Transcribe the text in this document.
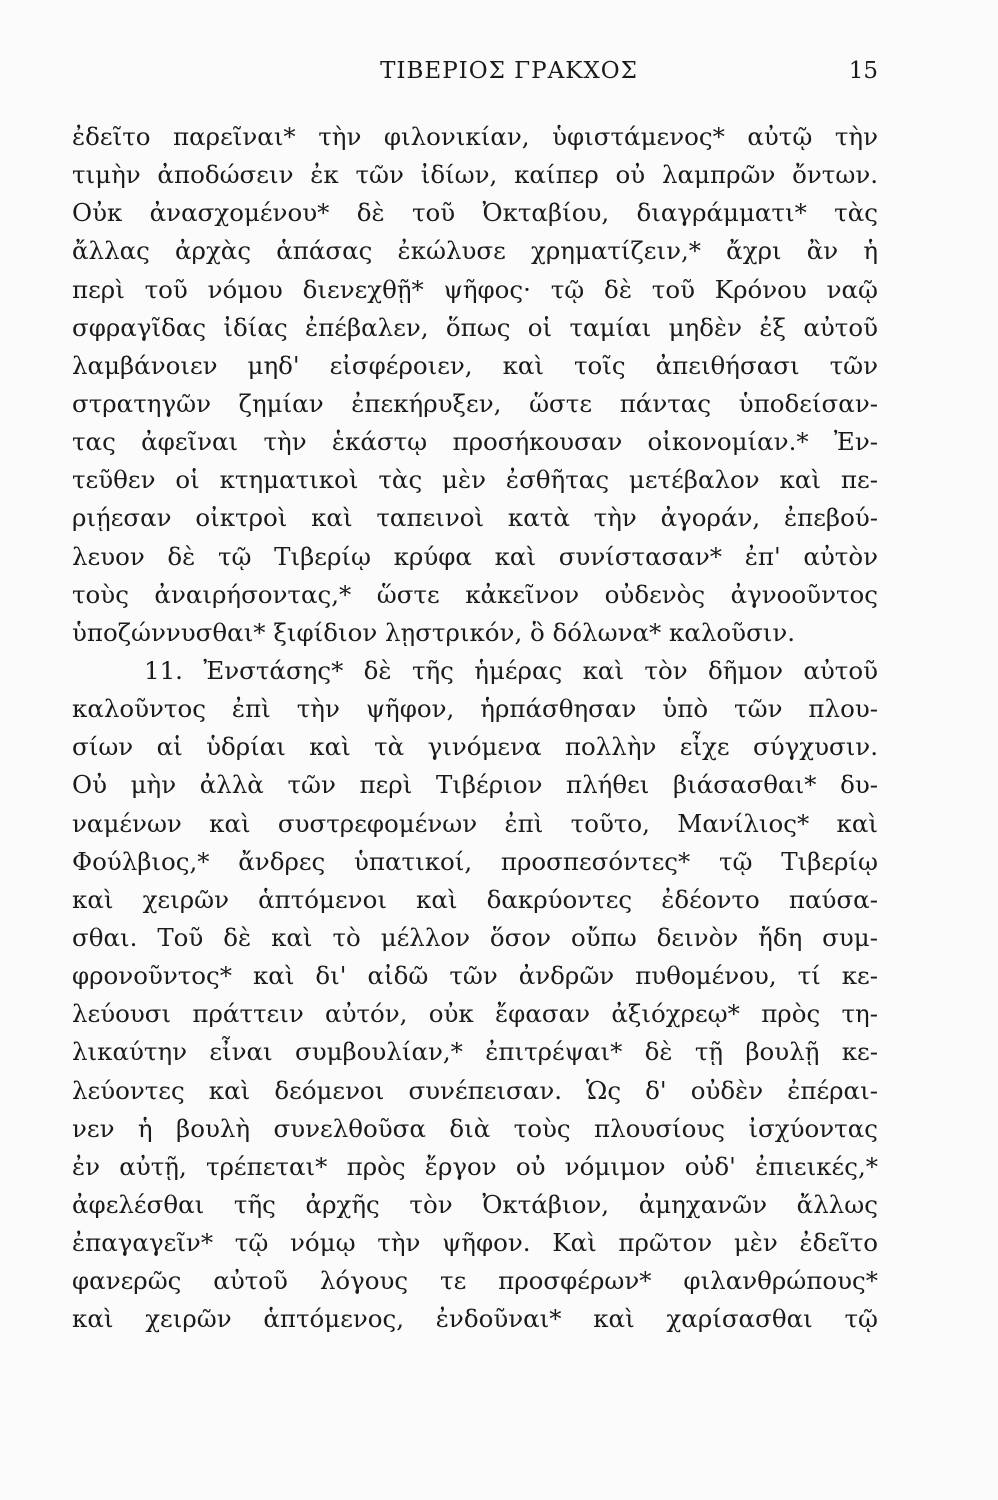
ΤΙΒΕΡΙΟΣ ΓΡΑΚΧΟΣ	15
ἐδεῖτο παρεῖναι* τὴν φιλονικίαν, ὑφιστάμενος* αὐτῷ τὴν
τιμὴν ἀποδώσειν ἐκ τῶν ἰδίων, καίπερ οὐ λαμπρῶν ὄντων.
Οὐκ ἀνασχομένου* δὲ τοῦ Ὀκταβίου, διαγράμματι* τὰς
ἄλλας ἀρχὰς ἁπάσας ἐκώλυσε χρηματίζειν,* ἄχρι ἂν ἡ
περὶ τοῦ νόμου διενεχθῇ* ψῆφος· τῷ δὲ τοῦ Κρόνου ναῷ
σφραγῖδας ἰδίας ἐπέβαλεν, ὅπως οἱ ταμίαι μηδὲν ἐξ αὐτοῦ
λαμβάνοιεν μηδ' εἰσφέροιεν, καὶ τοῖς ἀπειθήσασι τῶν
στρατηγῶν ζημίαν ἐπεκήρυξεν, ὥστε πάντας ὑποδείσαν-
τας ἀφεῖναι τὴν ἑκάστῳ προσήκουσαν οἰκονομίαν.* Ἐν-
τεῦθεν οἱ κτηματικοὶ τὰς μὲν ἐσθῆτας μετέβαλον καὶ πε-
ριῄεσαν οἰκτροὶ καὶ ταπεινοὶ κατὰ τὴν ἀγοράν, ἐπεβού-
λευον δὲ τῷ Τιβερίῳ κρύφα καὶ συνίστασαν* ἐπ' αὐτὸν
τοὺς ἀναιρήσοντας,* ὥστε κἀκεῖνον οὐδενὸς ἀγνοοῦντος
ὑποζώννυσθαι* ξιφίδιον λῃστρικόν, ὃ δόλωνα* καλοῦσιν.
11. Ἐνστάσης* δὲ τῆς ἡμέρας καὶ τὸν δῆμον αὐτοῦ
καλοῦντος ἐπὶ τὴν ψῆφον, ἡρπάσθησαν ὑπὸ τῶν πλου-
σίων αἱ ὑδρίαι καὶ τὰ γινόμενα πολλὴν εἶχε σύγχυσιν.
Οὐ μὴν ἀλλὰ τῶν περὶ Τιβέριον πλήθει βιάσασθαι* δυ-
ναμένων καὶ συστρεφομένων ἐπὶ τοῦτο, Μανίλιος* καὶ
Φούλβιος,* ἄνδρες ὑπατικοί, προσπεσόντες* τῷ Τιβερίῳ
καὶ χειρῶν ἁπτόμενοι καὶ δακρύοντες ἐδέοντο παύσα-
σθαι. Τοῦ δὲ καὶ τὸ μέλλον ὅσον οὔπω δεινὸν ἤδη συμ-
φρονοῦντος* καὶ δι' αἰδῶ τῶν ἀνδρῶν πυθομένου, τί κε-
λεύουσι πράττειν αὐτόν, οὐκ ἔφασαν ἀξιόχρεῳ* πρὸς τη-
λικαύτην εἶναι συμβουλίαν,* ἐπιτρέψαι* δὲ τῇ βουλῇ κε-
λεύοντες καὶ δεόμενοι συνέπεισαν. Ὡς δ' οὐδὲν ἐπέραι-
νεν ἡ βουλὴ συνελθοῦσα διὰ τοὺς πλουσίους ἰσχύοντας
ἐν αὐτῇ, τρέπεται* πρὸς ἔργον οὐ νόμιμον οὐδ' ἐπιεικές,*
ἀφελέσθαι τῆς ἀρχῆς τὸν Ὀκτάβιον, ἀμηχανῶν ἄλλως
ἐπαγαγεῖν* τῷ νόμῳ τὴν ψῆφον. Καὶ πρῶτον μὲν ἐδεῖτο
φανερῶς αὐτοῦ λόγους τε προσφέρων* φιλανθρώπους*
καὶ χειρῶν ἁπτόμενος, ἐνδοῦναι* καὶ χαρίσασθαι τῷ
